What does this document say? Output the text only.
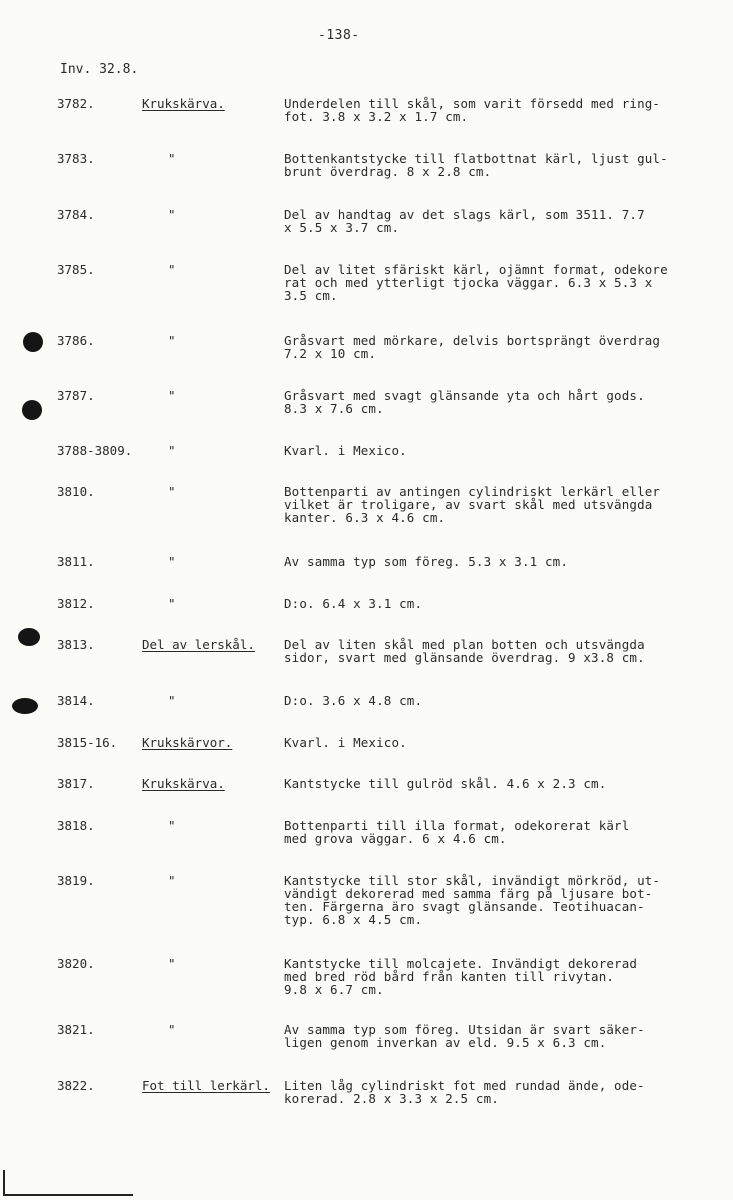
-138-
Inv. 32.8.
3782.	Krukskärva.	Underdelen till skål, som varit försedd med ring-
fot. 3.8 x 3.2 x 1.7 cm.
3783.	"	Bottenkantstycke till flatbottnat kärl, ljust gul-
brunt överdrag. 8 x 2.8 cm.
3784.	"	Del av handtag av det slags kärl, som 3511. 7.7
x 5.5 x 3.7 cm.
3785.	"	Del av litet sfäriskt kärl, ojämnt format, odekore
rat och med ytterligt tjocka väggar. 6.3 x 5.3 x
3.5 cm.
3786.	"	Gråsvart med mörkare, delvis bortsprängt överdrag
7.2 x 10 cm.
3787.	"	Gråsvart med svagt glänsande yta och hårt gods.
8.3 x 7.6 cm.
3788-3809.	"	Kvarl. i Mexico.
3810.	"	Bottenparti av antingen cylindriskt lerkärl eller
vilket är troligare, av svart skål med utsvängda
kanter. 6.3 x 4.6 cm.
3811.	"	Av samma typ som föreg. 5.3 x 3.1 cm.
3812.	"	D:o. 6.4 x 3.1 cm.
3813.	Del av lerskål. Del av liten skål med plan botten och utsvängda
sidor, svart med glänsande överdrag. 9 x3.8 cm.
3814.	"	D:o. 3.6 x 4.8 cm.
3815-16. Krukskärvor.	Kvarl. i Mexico.
3817.	Krukskärva.	Kantstycke till gulröd skål. 4.6 x 2.3 cm.
3818.	"	Bottenparti till illa format, odekorerat kärl
med grova väggar. 6 x 4.6 cm.
3819.	"	Kantstycke till stor skål, invändigt mörkröd, ut-
vändigt dekorerad med samma färg på ljusare bot-
ten. Färgerna äro svagt glänsande. Teotihuacan-
typ. 6.8 x 4.5 cm.
3820.	"	Kantstycke till molcajete. Invändigt dekorerad
med bred röd bård från kanten till rivytan.
9.8 x 6.7 cm.
3821.	"	Av samma typ som föreg. Utsidan är svart säker-
ligen genom inverkan av eld. 9.5 x 6.3 cm.
3822.	Fot till lerkärl. Liten låg cylindriskt fot med rundad ände, ode-
korerad. 2.8 x 3.3 x 2.5 cm.
